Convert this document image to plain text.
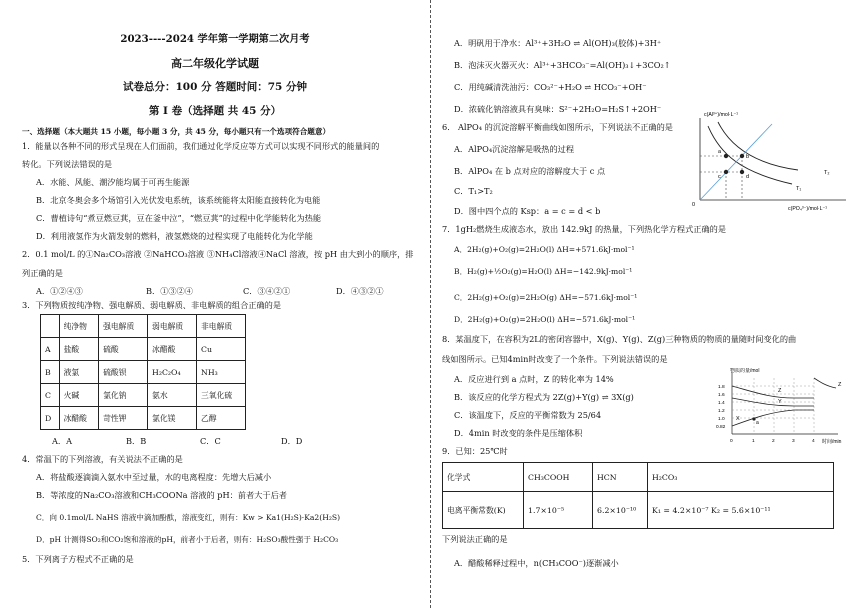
2023----2024 学年第一学期第二次月考
高二年级化学试题
试卷总分：100 分 答题时间：75 分钟
第 I 卷（选择题 共 45 分）
一、选择题（本大题共 15 小题，每小题 3 分，共 45 分，每小题只有一个选项符合题意）
1．能量以各种不同的形式呈现在人们面前，我们通过化学反应等方式可以实现不同形式的能量间的
转化。下列说法错误的是
A．水能、风能、潮汐能均属于可再生能源
B．北京冬奥会多个场馆引入光伏发电系统，该系统能将太阳能直接转化为电能
C．曹植诗句“煮豆燃豆萁，豆在釜中泣”，“燃豆萁”的过程中化学能转化为热能
D．利用液氢作为火箭发射的燃料，液氢燃烧的过程实现了电能转化为化学能
2．0.1 mol/L 的①Na₂CO₃溶液 ②NaHCO₃溶液 ③NH₄Cl溶液④NaCl 溶液，按 pH 由大到小的顺序，排
列正确的是
A．①②④③	B．①③②④	C．③④②①	D．④③②①
3．下列物质按纯净物、强电解质、弱电解质、非电解质的组合正确的是
	纯净物	强电解质	弱电解质	非电解质
A	盐酸	硫酸	冰醋酸	Cu
B	液氯	硫酸钡	H₂C₂O₄	NH₃
C	火碱	氯化钠	氨水	三氧化硫
D	冰醋酸	苛性钾	氯化镁	乙醇
A．A	B．B	C．C	D．D
4．常温下的下列溶液，有关说法不正确的是
A．将盐酸逐滴滴入氨水中至过量，水的电离程度：先增大后减小
B．等浓度的Na₂CO₃溶液和CH₃COONa 溶液的 pH：前者大于后者
C．向 0.1mol/L NaHS 溶液中滴加酚酞，溶液变红，则有：Kw > Ka1(H₂S)·Ka2(H₂S)
D．pH 计测得SO₂和CO₂饱和溶液的pH，前者小于后者，则有：H₂SO₃酸性强于 H₂CO₃
5．下列离子方程式不正确的是
A．明矾用于净水：Al³⁺+3H₂O ⇌ Al(OH)₃(胶体)+3H⁺
B．泡沫灭火器灭火：Al³⁺+3HCO₃⁻=Al(OH)₃↓+3CO₂↑
C．用纯碱清洗油污：CO₃²⁻+H₂O ⇌ HCO₃⁻+OH⁻
D．浓硫化钠溶液具有臭味：S²⁻+2H₂O=H₂S↑+2OH⁻
6． AlPO₄ 的沉淀溶解平衡曲线如图所示，下列说法不正确的是
A．AlPO₄沉淀溶解是吸热的过程
B．AlPO₄ 在 b 点对应的溶解度大于 c 点
C．T₁>T₂
D．图中四个点的 Ksp：a = c = d < b
c(Al³⁺)/mol·L⁻¹
c(PO₄³⁻)/mol·L⁻¹
0
a
b
c	d
T₂
T₁
7．1gH₂燃烧生成液态水，放出 142.9kJ 的热量，下列热化学方程式正确的是
A．2H₂(g)+O₂(g)=2H₂O(l) ΔH=+571.6kJ·mol⁻¹
B．H₂(g)+½O₂(g)=H₂O(l) ΔH=−142.9kJ·mol⁻¹
C．2H₂(g)+O₂(g)=2H₂O(g) ΔH=−571.6kJ·mol⁻¹
D．2H₂(g)+O₂(g)=2H₂O(l) ΔH=−571.6kJ·mol⁻¹
8．某温度下，在容积为2L的密闭容器中，X(g)、Y(g)、Z(g)三种物质的物质的量随时间变化的曲
线如图所示。已知4min时改变了一个条件。下列说法错误的是
A．反应进行到 a 点时，Z 的转化率为 14%
B．该反应的化学方程式为 2Z(g)+Y(g) ⇌ 3X(g)
C．该温度下，反应的平衡常数为 25/64
D．4min 时改变的条件是压缩体积
物质的量/mol
时间/min
1.8
1.6
1.4
1.2
1.0
0.82
0	1	2	3	4
Z
Y
X
a
Z
9．已知：25℃时
化学式	CH₃COOH	HCN	H₂CO₃
电离平衡常数(K)	1.7×10⁻⁵	6.2×10⁻¹⁰	K₁ = 4.2×10⁻⁷ K₂ = 5.6×10⁻¹¹
下列说法正确的是
A．醋酸稀释过程中，n(CH₃COO⁻)逐渐减小
